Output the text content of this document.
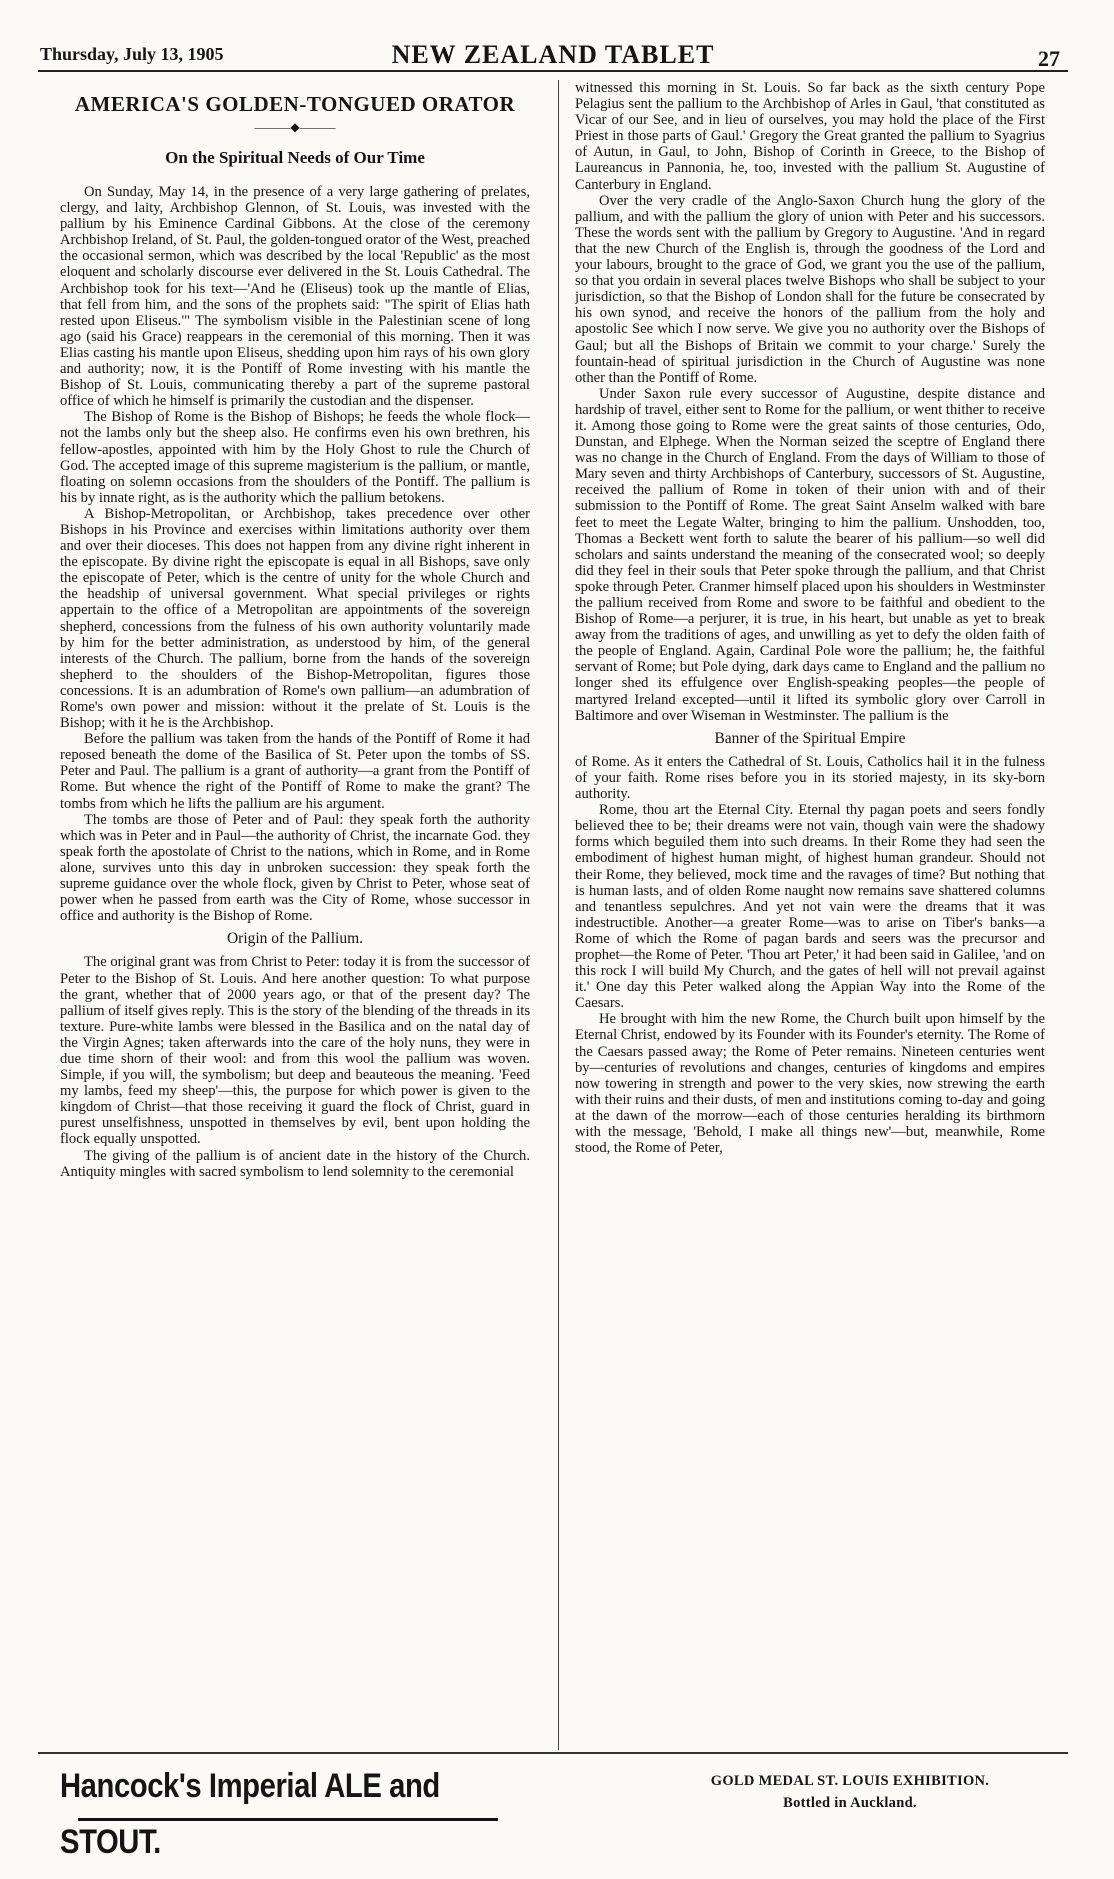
Thursday, July 13, 1905	NEW ZEALAND TABLET	27
AMERICA'S GOLDEN-TONGUED ORATOR
———◆———
On the Spiritual Needs of Our Time

On Sunday, May 14, in the presence of a very large gathering of prelates, clergy, and laity, Archbishop Glennon, of St. Louis, was invested with the pallium by his Eminence Cardinal Gibbons. At the close of the ceremony Archbishop Ireland, of St. Paul, the golden-tongued orator of the West, preached the occasional sermon, which was described by the local 'Republic' as the most eloquent and scholarly discourse ever delivered in the St. Louis Cathedral. The Archbishop took for his text—'And he (Eliseus) took up the mantle of Elias, that fell from him, and the sons of the prophets said: "The spirit of Elias hath rested upon Eliseus."' The symbolism visible in the Palestinian scene of long ago (said his Grace) reappears in the ceremonial of this morning. Then it was Elias casting his mantle upon Eliseus, shedding upon him rays of his own glory and authority; now, it is the Pontiff of Rome investing with his mantle the Bishop of St. Louis, communicating thereby a part of the supreme pastoral office of which he himself is primarily the custodian and the dispenser.

The Bishop of Rome is the Bishop of Bishops; he feeds the whole flock—not the lambs only but the sheep also. He confirms even his own brethren, his fellow-apostles, appointed with him by the Holy Ghost to rule the Church of God. The accepted image of this supreme magisterium is the pallium, or mantle, floating on solemn occasions from the shoulders of the Pontiff. The pallium is his by innate right, as is the authority which the pallium betokens.

A Bishop-Metropolitan, or Archbishop, takes precedence over other Bishops in his Province and exercises within limitations authority over them and over their dioceses. This does not happen from any divine right inherent in the episcopate. By divine right the episcopate is equal in all Bishops, save only the episcopate of Peter, which is the centre of unity for the whole Church and the headship of universal government. What special privileges or rights appertain to the office of a Metropolitan are appointments of the sovereign shepherd, concessions from the fulness of his own authority voluntarily made by him for the better administration, as understood by him, of the general interests of the Church. The pallium, borne from the hands of the sovereign shepherd to the shoulders of the Bishop-Metropolitan, figures those concessions. It is an adumbration of Rome's own pallium—an adumbration of Rome's own power and mission: without it the prelate of St. Louis is the Bishop; with it he is the Archbishop.

Before the pallium was taken from the hands of the Pontiff of Rome it had reposed beneath the dome of the Basilica of St. Peter upon the tombs of SS. Peter and Paul. The pallium is a grant of authority—a grant from the Pontiff of Rome. But whence the right of the Pontiff of Rome to make the grant? The tombs from which he lifts the pallium are his argument.

The tombs are those of Peter and of Paul: they speak forth the authority which was in Peter and in Paul—the authority of Christ, the incarnate God. they speak forth the apostolate of Christ to the nations, which in Rome, and in Rome alone, survives unto this day in unbroken succession: they speak forth the supreme guidance over the whole flock, given by Christ to Peter, whose seat of power when he passed from earth was the City of Rome, whose successor in office and authority is the Bishop of Rome.

Origin of the Pallium.

The original grant was from Christ to Peter: today it is from the successor of Peter to the Bishop of St. Louis. And here another question: To what purpose the grant, whether that of 2000 years ago, or that of the present day? The pallium of itself gives reply. This is the story of the blending of the threads in its texture. Pure-white lambs were blessed in the Basilica and on the natal day of the Virgin Agnes; taken afterwards into the care of the holy nuns, they were in due time shorn of their wool: and from this wool the pallium was woven. Simple, if you will, the symbolism; but deep and beauteous the meaning. 'Feed my lambs, feed my sheep'—this, the purpose for which power is given to the kingdom of Christ—that those receiving it guard the flock of Christ, guard in purest unselfishness, unspotted in themselves by evil, bent upon holding the flock equally unspotted.

The giving of the pallium is of ancient date in the history of the Church. Antiquity mingles with sacred symbolism to lend solemnity to the ceremonial

witnessed this morning in St. Louis. So far back as the sixth century Pope Pelagius sent the pallium to the Archbishop of Arles in Gaul, 'that constituted as Vicar of our See, and in lieu of ourselves, you may hold the place of the First Priest in those parts of Gaul.' Gregory the Great granted the pallium to Syagrius of Autun, in Gaul, to John, Bishop of Corinth in Greece, to the Bishop of Laureancus in Pannonia, he, too, invested with the pallium St. Augustine of Canterbury in England.

Over the very cradle of the Anglo-Saxon Church hung the glory of the pallium, and with the pallium the glory of union with Peter and his successors. These the words sent with the pallium by Gregory to Augustine. 'And in regard that the new Church of the English is, through the goodness of the Lord and your labours, brought to the grace of God, we grant you the use of the pallium, so that you ordain in several places twelve Bishops who shall be subject to your jurisdiction, so that the Bishop of London shall for the future be consecrated by his own synod, and receive the honors of the pallium from the holy and apostolic See which I now serve. We give you no authority over the Bishops of Gaul; but all the Bishops of Britain we commit to your charge.' Surely the fountain-head of spiritual jurisdiction in the Church of Augustine was none other than the Pontiff of Rome.

Under Saxon rule every successor of Augustine, despite distance and hardship of travel, either sent to Rome for the pallium, or went thither to receive it. Among those going to Rome were the great saints of those centuries, Odo, Dunstan, and Elphege. When the Norman seized the sceptre of England there was no change in the Church of England. From the days of William to those of Mary seven and thirty Archbishops of Canterbury, successors of St. Augustine, received the pallium of Rome in token of their union with and of their submission to the Pontiff of Rome. The great Saint Anselm walked with bare feet to meet the Legate Walter, bringing to him the pallium. Unshodden, too, Thomas a Beckett went forth to salute the bearer of his pallium—so well did scholars and saints understand the meaning of the consecrated wool; so deeply did they feel in their souls that Peter spoke through the pallium, and that Christ spoke through Peter. Cranmer himself placed upon his shoulders in Westminster the pallium received from Rome and swore to be faithful and obedient to the Bishop of Rome—a perjurer, it is true, in his heart, but unable as yet to break away from the traditions of ages, and unwilling as yet to defy the olden faith of the people of England. Again, Cardinal Pole wore the pallium; he, the faithful servant of Rome; but Pole dying, dark days came to England and the pallium no longer shed its effulgence over English-speaking peoples—the people of martyred Ireland excepted—until it lifted its symbolic glory over Carroll in Baltimore and over Wiseman in Westminster. The pallium is the

Banner of the Spiritual Empire

of Rome. As it enters the Cathedral of St. Louis, Catholics hail it in the fulness of your faith. Rome rises before you in its storied majesty, in its sky-born authority.

Rome, thou art the Eternal City. Eternal thy pagan poets and seers fondly believed thee to be; their dreams were not vain, though vain were the shadowy forms which beguiled them into such dreams. In their Rome they had seen the embodiment of highest human might, of highest human grandeur. Should not their Rome, they believed, mock time and the ravages of time? But nothing that is human lasts, and of olden Rome naught now remains save shattered columns and tenantless sepulchres. And yet not vain were the dreams that it was indestructible. Another—a greater Rome—was to arise on Tiber's banks—a Rome of which the Rome of pagan bards and seers was the precursor and prophet—the Rome of Peter. 'Thou art Peter,' it had been said in Galilee, 'and on this rock I will build My Church, and the gates of hell will not prevail against it.' One day this Peter walked along the Appian Way into the Rome of the Caesars.

He brought with him the new Rome, the Church built upon himself by the Eternal Christ, endowed by its Founder with its Founder's eternity. The Rome of the Caesars passed away; the Rome of Peter remains. Nineteen centuries went by—centuries of revolutions and changes, centuries of kingdoms and empires now towering in strength and power to the very skies, now strewing the earth with their ruins and their dusts, of men and institutions coming to-day and going at the dawn of the morrow—each of those centuries heralding its birthmorn with the message, 'Behold, I make all things new'—but, meanwhile, Rome stood, the Rome of Peter,

Hancock's Imperial ALE and STOUT.
GOLD MEDAL ST. LOUIS EXHIBITION.
Bottled in Auckland.
